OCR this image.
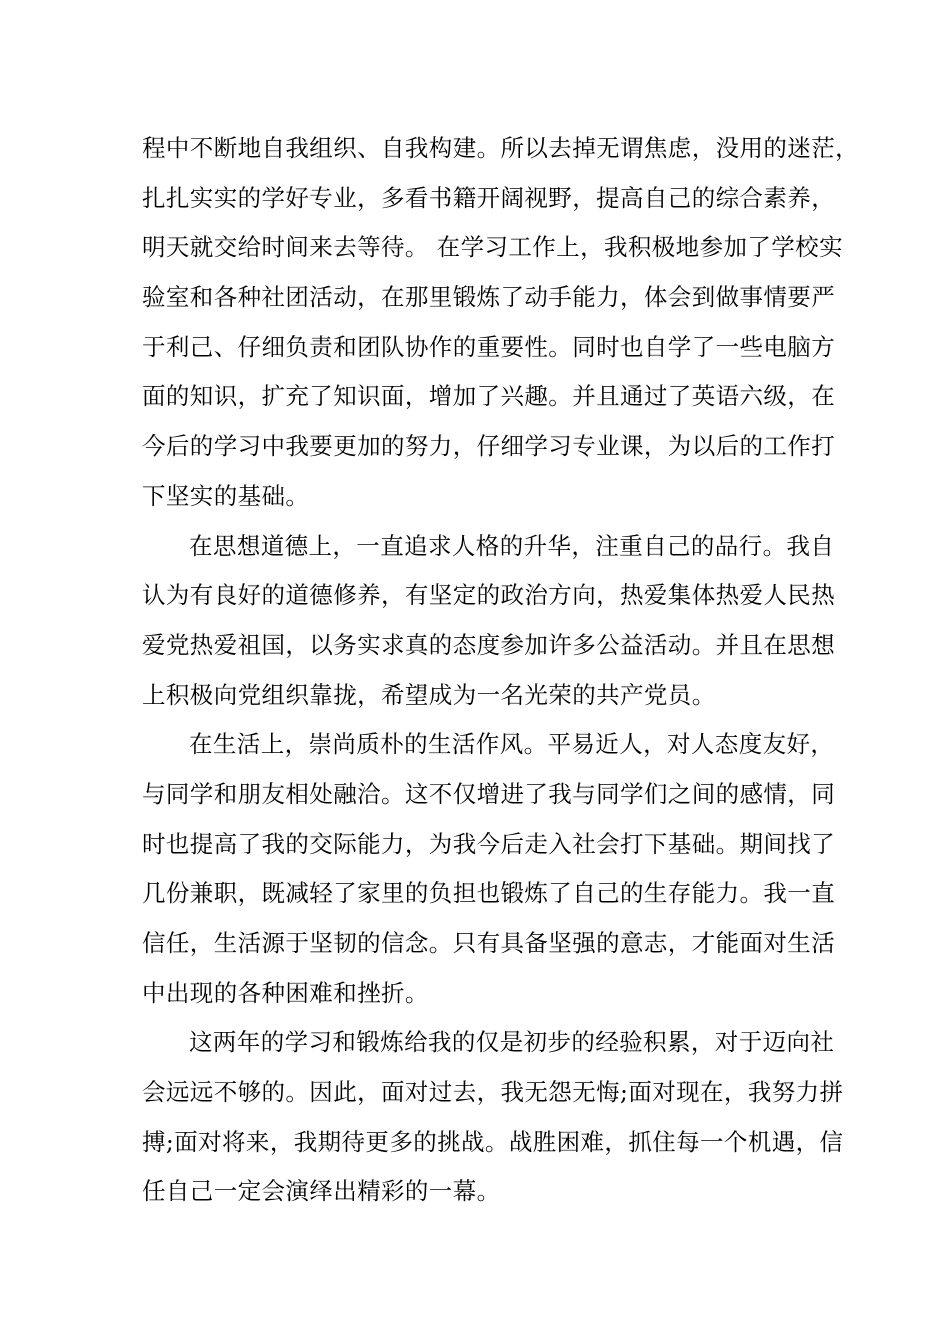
程中不断地自我组织、自我构建。所以去掉无谓焦虑，没用的迷茫，
扎扎实实的学好专业，多看书籍开阔视野，提高自己的综合素养，
明天就交给时间来去等待。 在学习工作上，我积极地参加了学校实
验室和各种社团活动，在那里锻炼了动手能力，体会到做事情要严
于利己、仔细负责和团队协作的重要性。同时也自学了一些电脑方
面的知识，扩充了知识面，增加了兴趣。并且通过了英语六级，在
今后的学习中我要更加的努力，仔细学习专业课，为以后的工作打
下坚实的基础。
在思想道德上，一直追求人格的升华，注重自己的品行。我自
认为有良好的道德修养，有坚定的政治方向，热爱集体热爱人民热
爱党热爱祖国，以务实求真的态度参加许多公益活动。并且在思想
上积极向党组织靠拢，希望成为一名光荣的共产党员。
在生活上，崇尚质朴的生活作风。平易近人，对人态度友好，
与同学和朋友相处融洽。这不仅增进了我与同学们之间的感情，同
时也提高了我的交际能力，为我今后走入社会打下基础。期间找了
几份兼职，既减轻了家里的负担也锻炼了自己的生存能力。我一直
信任，生活源于坚韧的信念。只有具备坚强的意志，才能面对生活
中出现的各种困难和挫折。
这两年的学习和锻炼给我的仅是初步的经验积累，对于迈向社
会远远不够的。因此，面对过去，我无怨无悔;面对现在，我努力拼
搏;面对将来，我期待更多的挑战。战胜困难，抓住每一个机遇，信
任自己一定会演绎出精彩的一幕。
